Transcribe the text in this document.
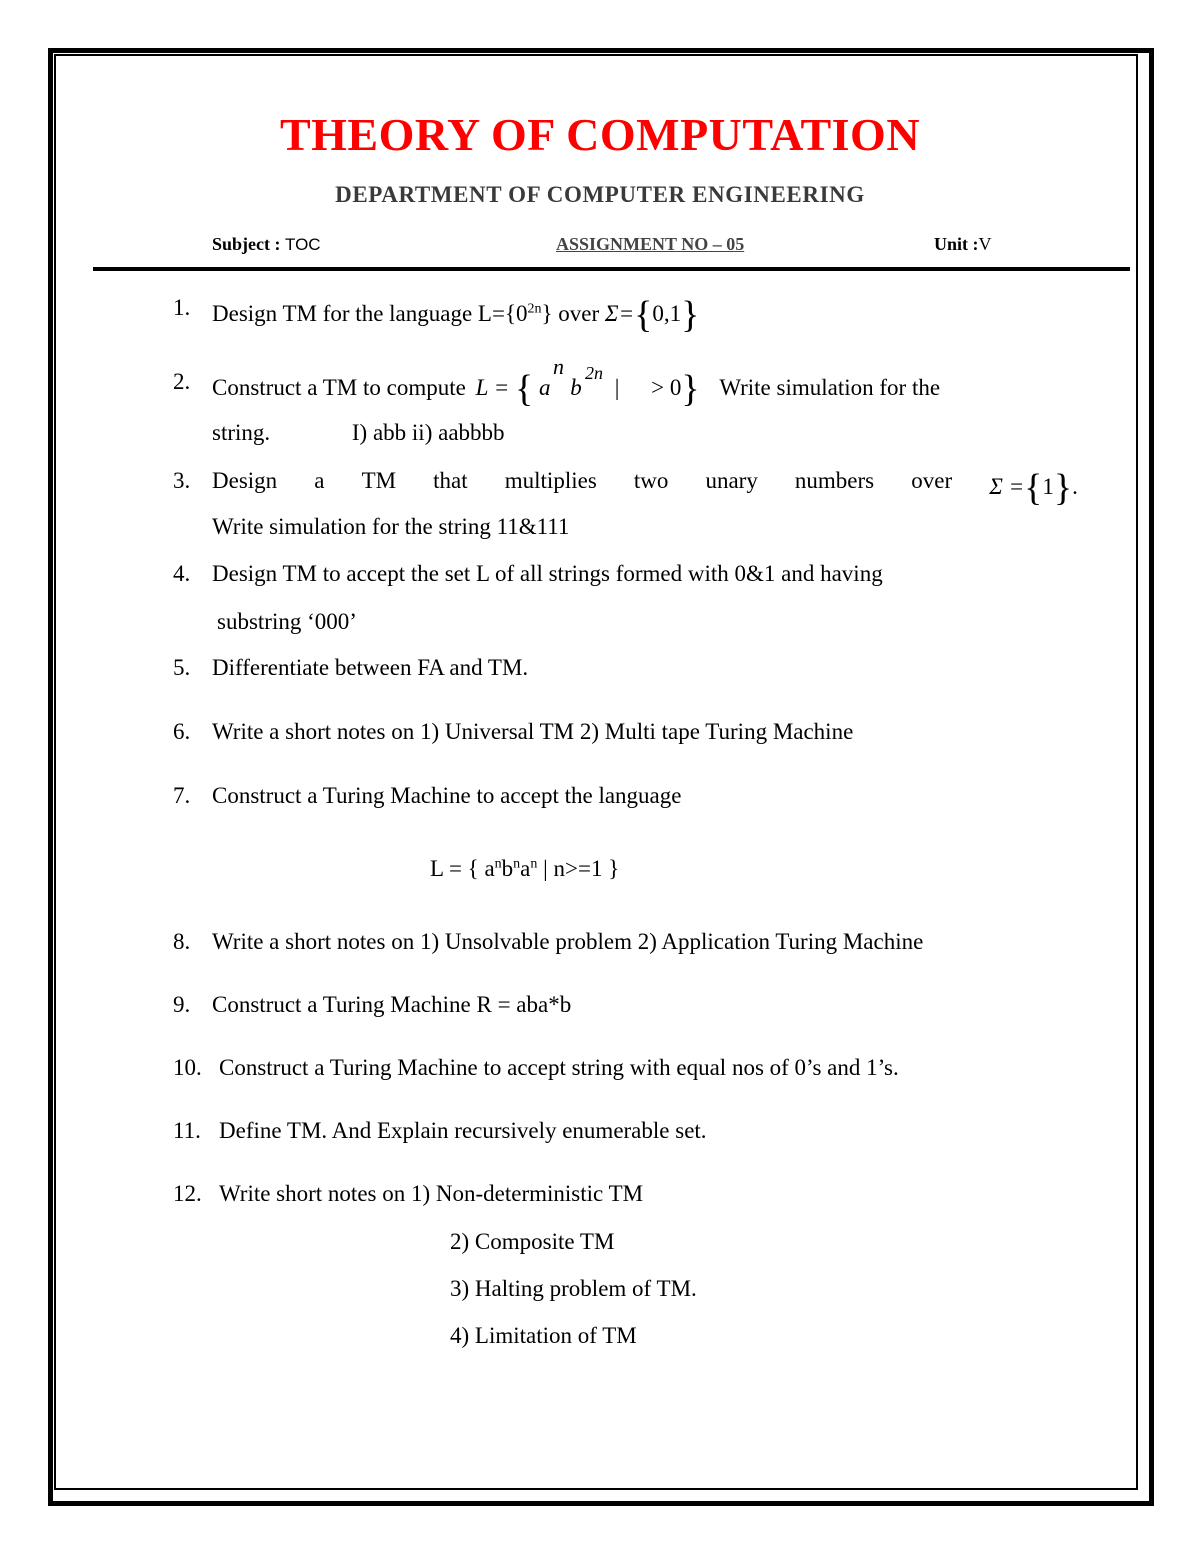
THEORY OF COMPUTATION
DEPARTMENT OF COMPUTER ENGINEERING
Subject : TOC	ASSIGNMENT NO – 05	Unit :V
1. Design TM for the language $L=\{0^{2n}\}$ over Σ={0,1}
2. Construct a TM to compute L = { a
n
b
2n
| > 0} Write simulation for the
string.	I) abb ii) aabbbb
3. Design a TM that multiplies two unary numbers over Σ ={1}.
Write simulation for the string 11&111
4. Design TM to accept the set L of all strings formed with 0&1 and having
substring ‘000’
5. Differentiate between FA and TM.
6. Write a short notes on 1) Universal TM 2) Multi tape Turing Machine
7. Construct a Turing Machine to accept the language
L = { $a^nb^na^n$ | n>=1 }
8. Write a short notes on 1) Unsolvable problem 2) Application Turing Machine
9. Construct a Turing Machine R = aba*b
10. Construct a Turing Machine to accept string with equal nos of 0’s and 1’s.
11. Define TM. And Explain recursively enumerable set.
12. Write short notes on 1) Non-deterministic TM
2) Composite TM
3) Halting problem of TM.
4) Limitation of TM
